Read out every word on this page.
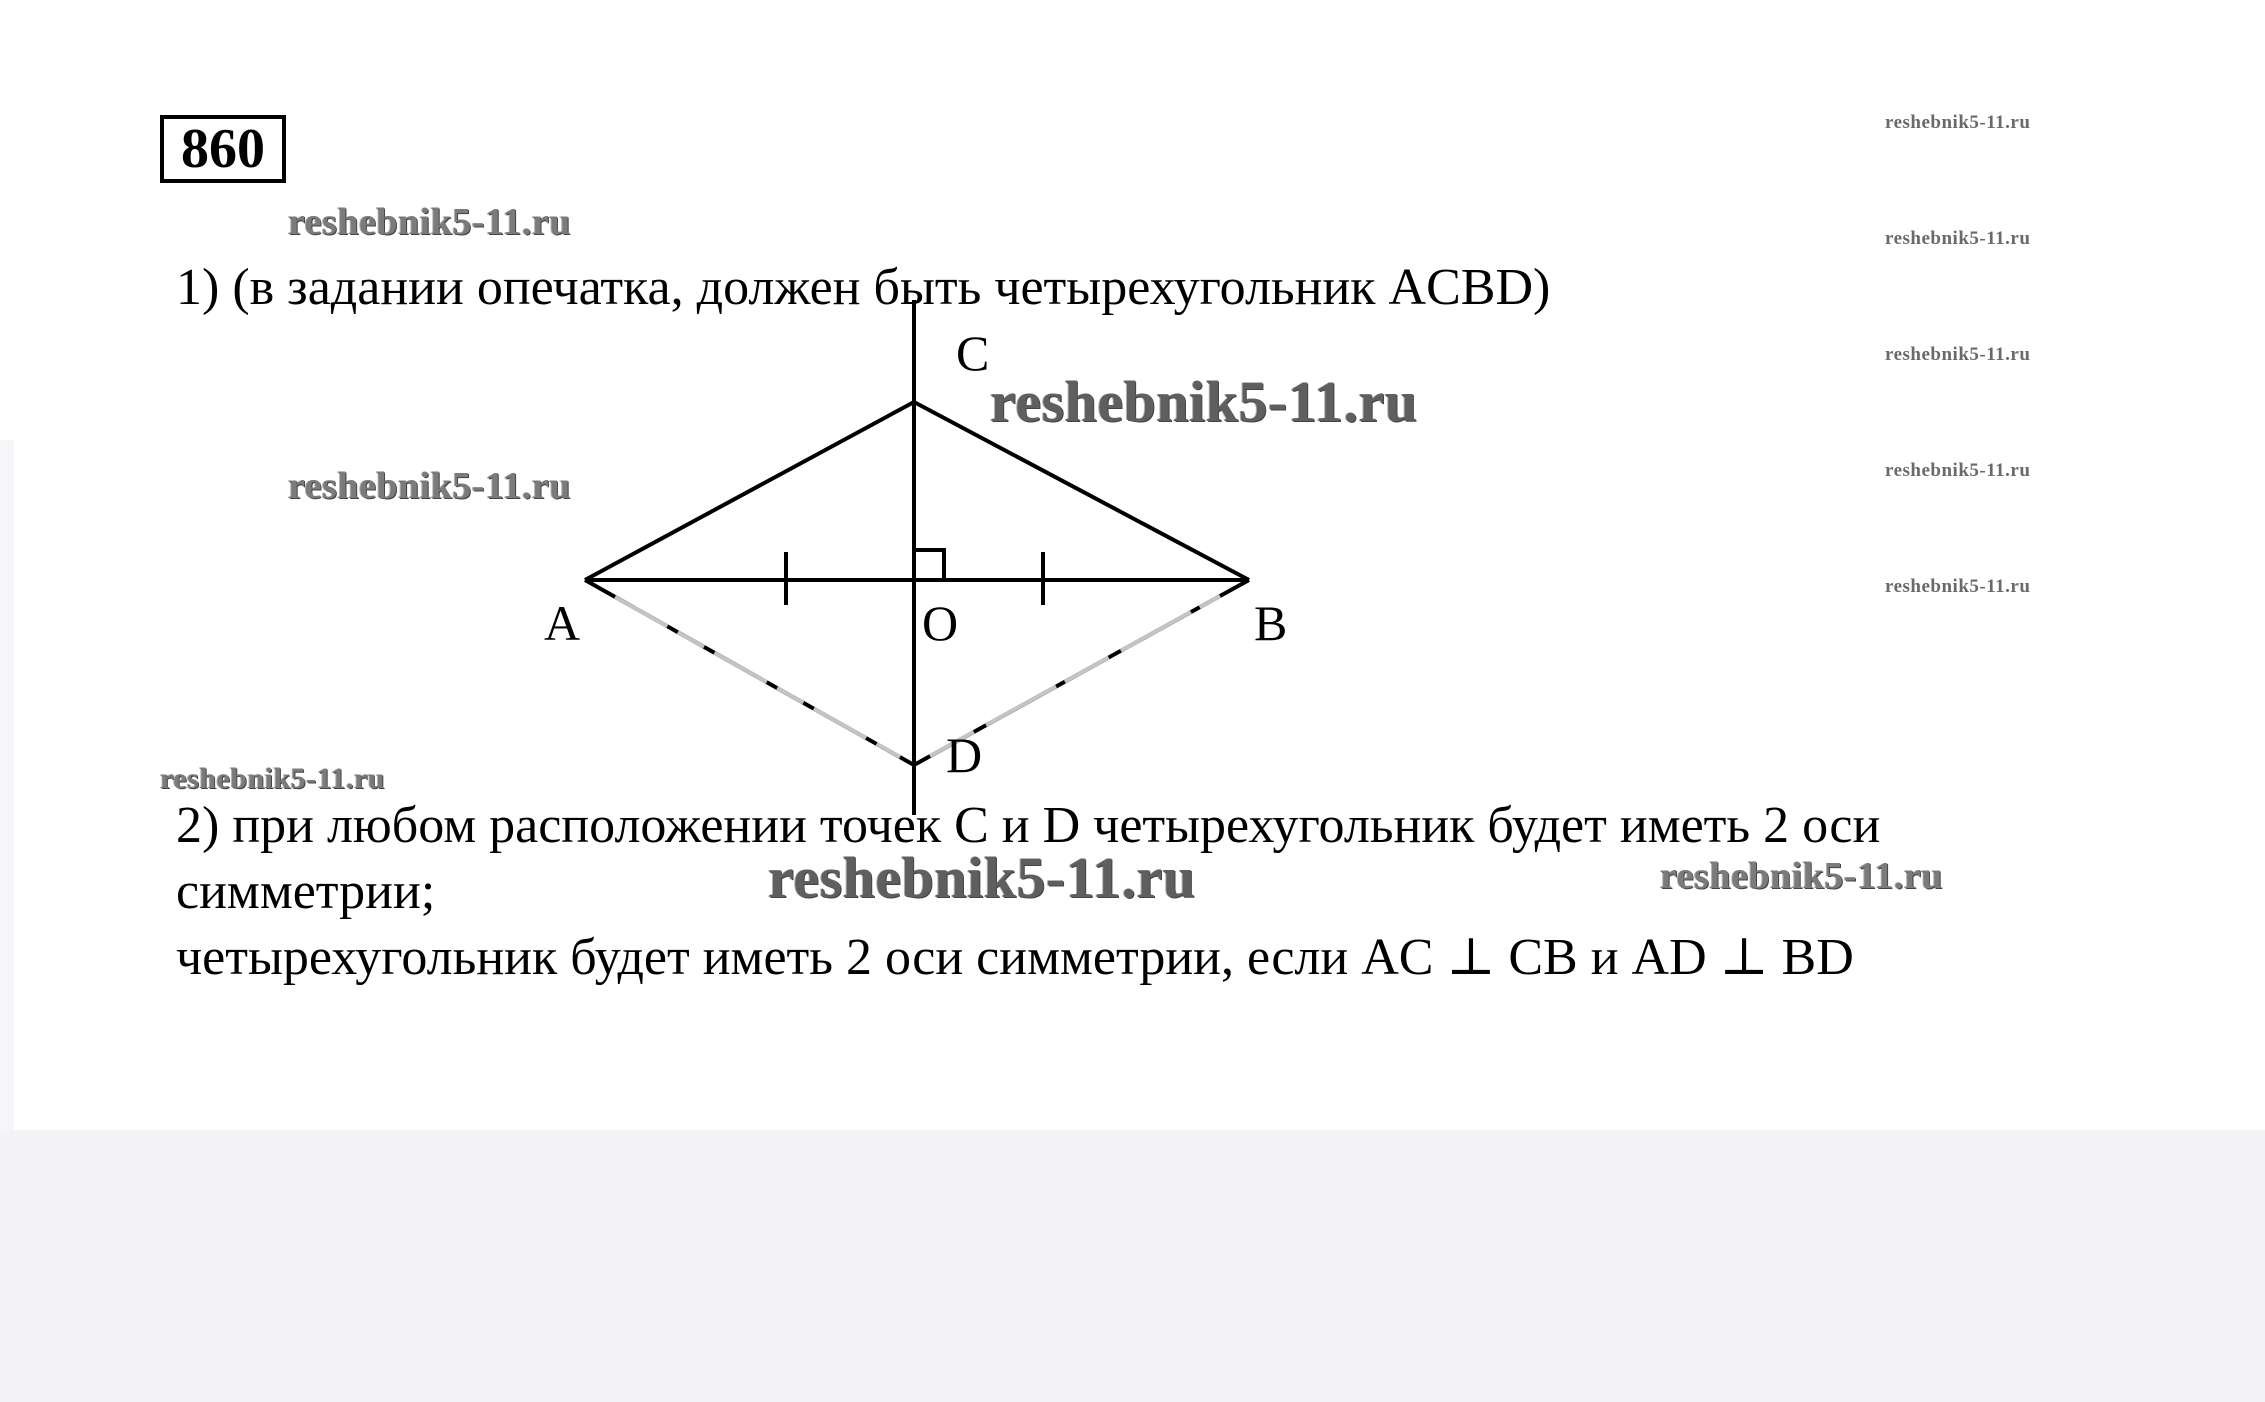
860	reshebnik5-11.ru
reshebnik5-11.ru
reshebnik5-11.ru
reshebnik5-11.ru
reshebnik5-11.ru
reshebnik5-11.ru
reshebnik5-11.ru
reshebnik5-11.ru
reshebnik5-11.ru
reshebnik5-11.ru	reshebnik5-11.ru
1) (в задании опечатка, должен быть четырехугольник ACBD)
C
A	O	B
D
2) при любом расположении точек C и D четырехугольник будет иметь 2 оси
симметрии;
четырехугольник будет иметь 2 оси симметрии, если AC ⊥ CB и AD ⊥ BD
